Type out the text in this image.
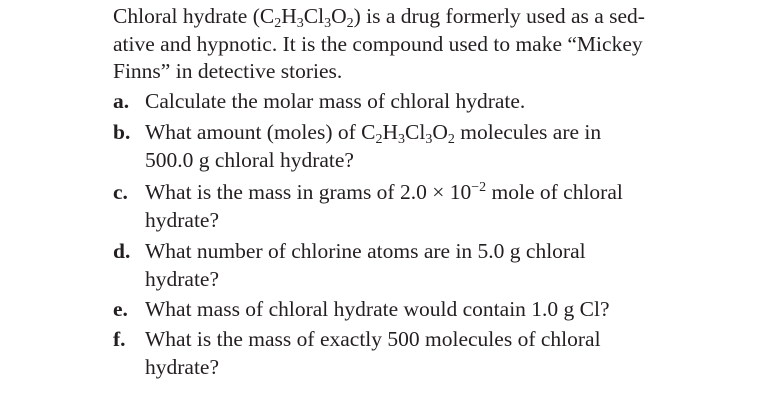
Chloral hydrate $(C_2H_3Cl_3O_2)$ is a drug formerly used as a sed-
ative and hypnotic. It is the compound used to make “Mickey
Finns” in detective stories.
a. Calculate the molar mass of chloral hydrate.
b. What amount (moles) of $C_2H_3Cl_3O_2$ molecules are in
500.0 g chloral hydrate?
c. What is the mass in grams of $2.0 \times 10^{-2}$ mole of chloral
hydrate?
d. What number of chlorine atoms are in 5.0 g chloral
hydrate?
e. What mass of chloral hydrate would contain 1.0 g Cl?
f. What is the mass of exactly 500 molecules of chloral
hydrate?
